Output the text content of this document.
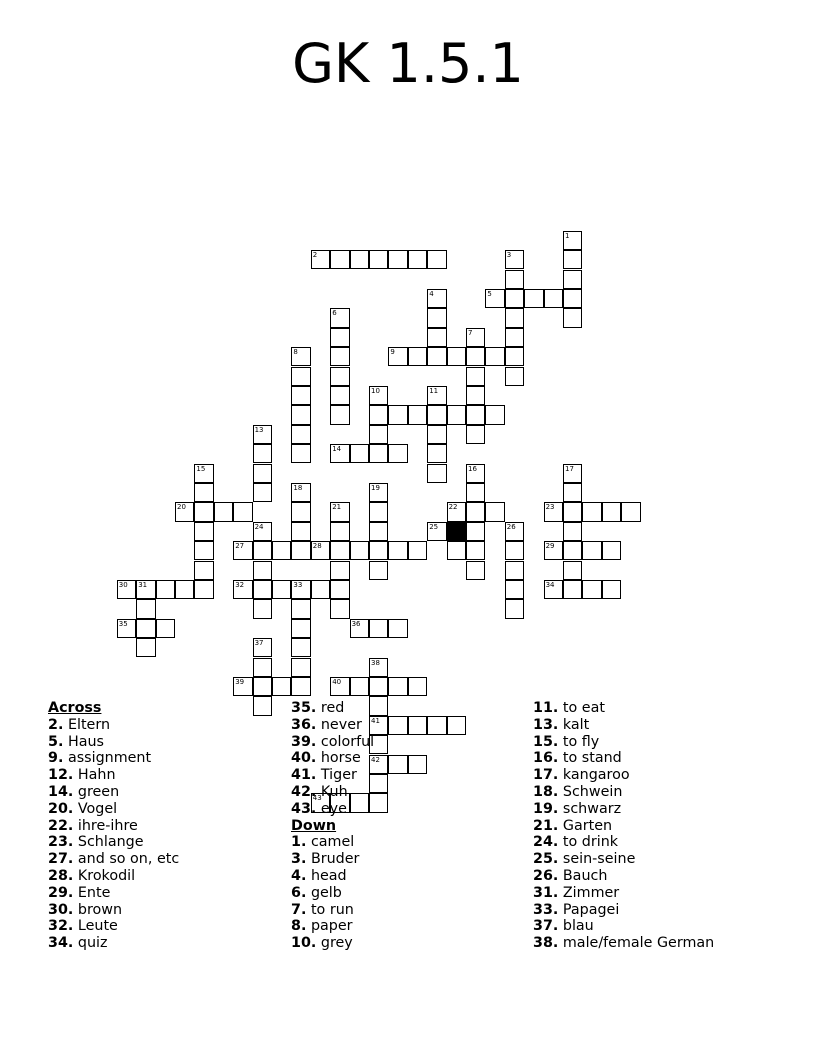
GK 1.5.1
1
2	3
4	5
6
7
8	9
10	11
13
14
15	16	17
18	19
20	21	22	23
24	25	26
27	28	29
30 31	32	33	34
35	36
37
38
41
42
39	40
43
Across
2. Eltern
5. Haus
9. assignment
12. Hahn
14. green
20. Vogel
22. ihre-ihre
23. Schlange
27. and so on, etc
28. Krokodil
29. Ente
30. brown
32. Leute
34. quiz
35. red
36. never
39. colorful
40. horse
41. Tiger
42. Kuh
43. eye
Down
1. camel
3. Bruder
4. head
6. gelb
7. to run
8. paper
10. grey
11. to eat
13. kalt
15. to fly
16. to stand
17. kangaroo
18. Schwein
19. schwarz
21. Garten
24. to drink
25. sein-seine
26. Bauch
31. Zimmer
33. Papagei
37. blau
38. male/female German
